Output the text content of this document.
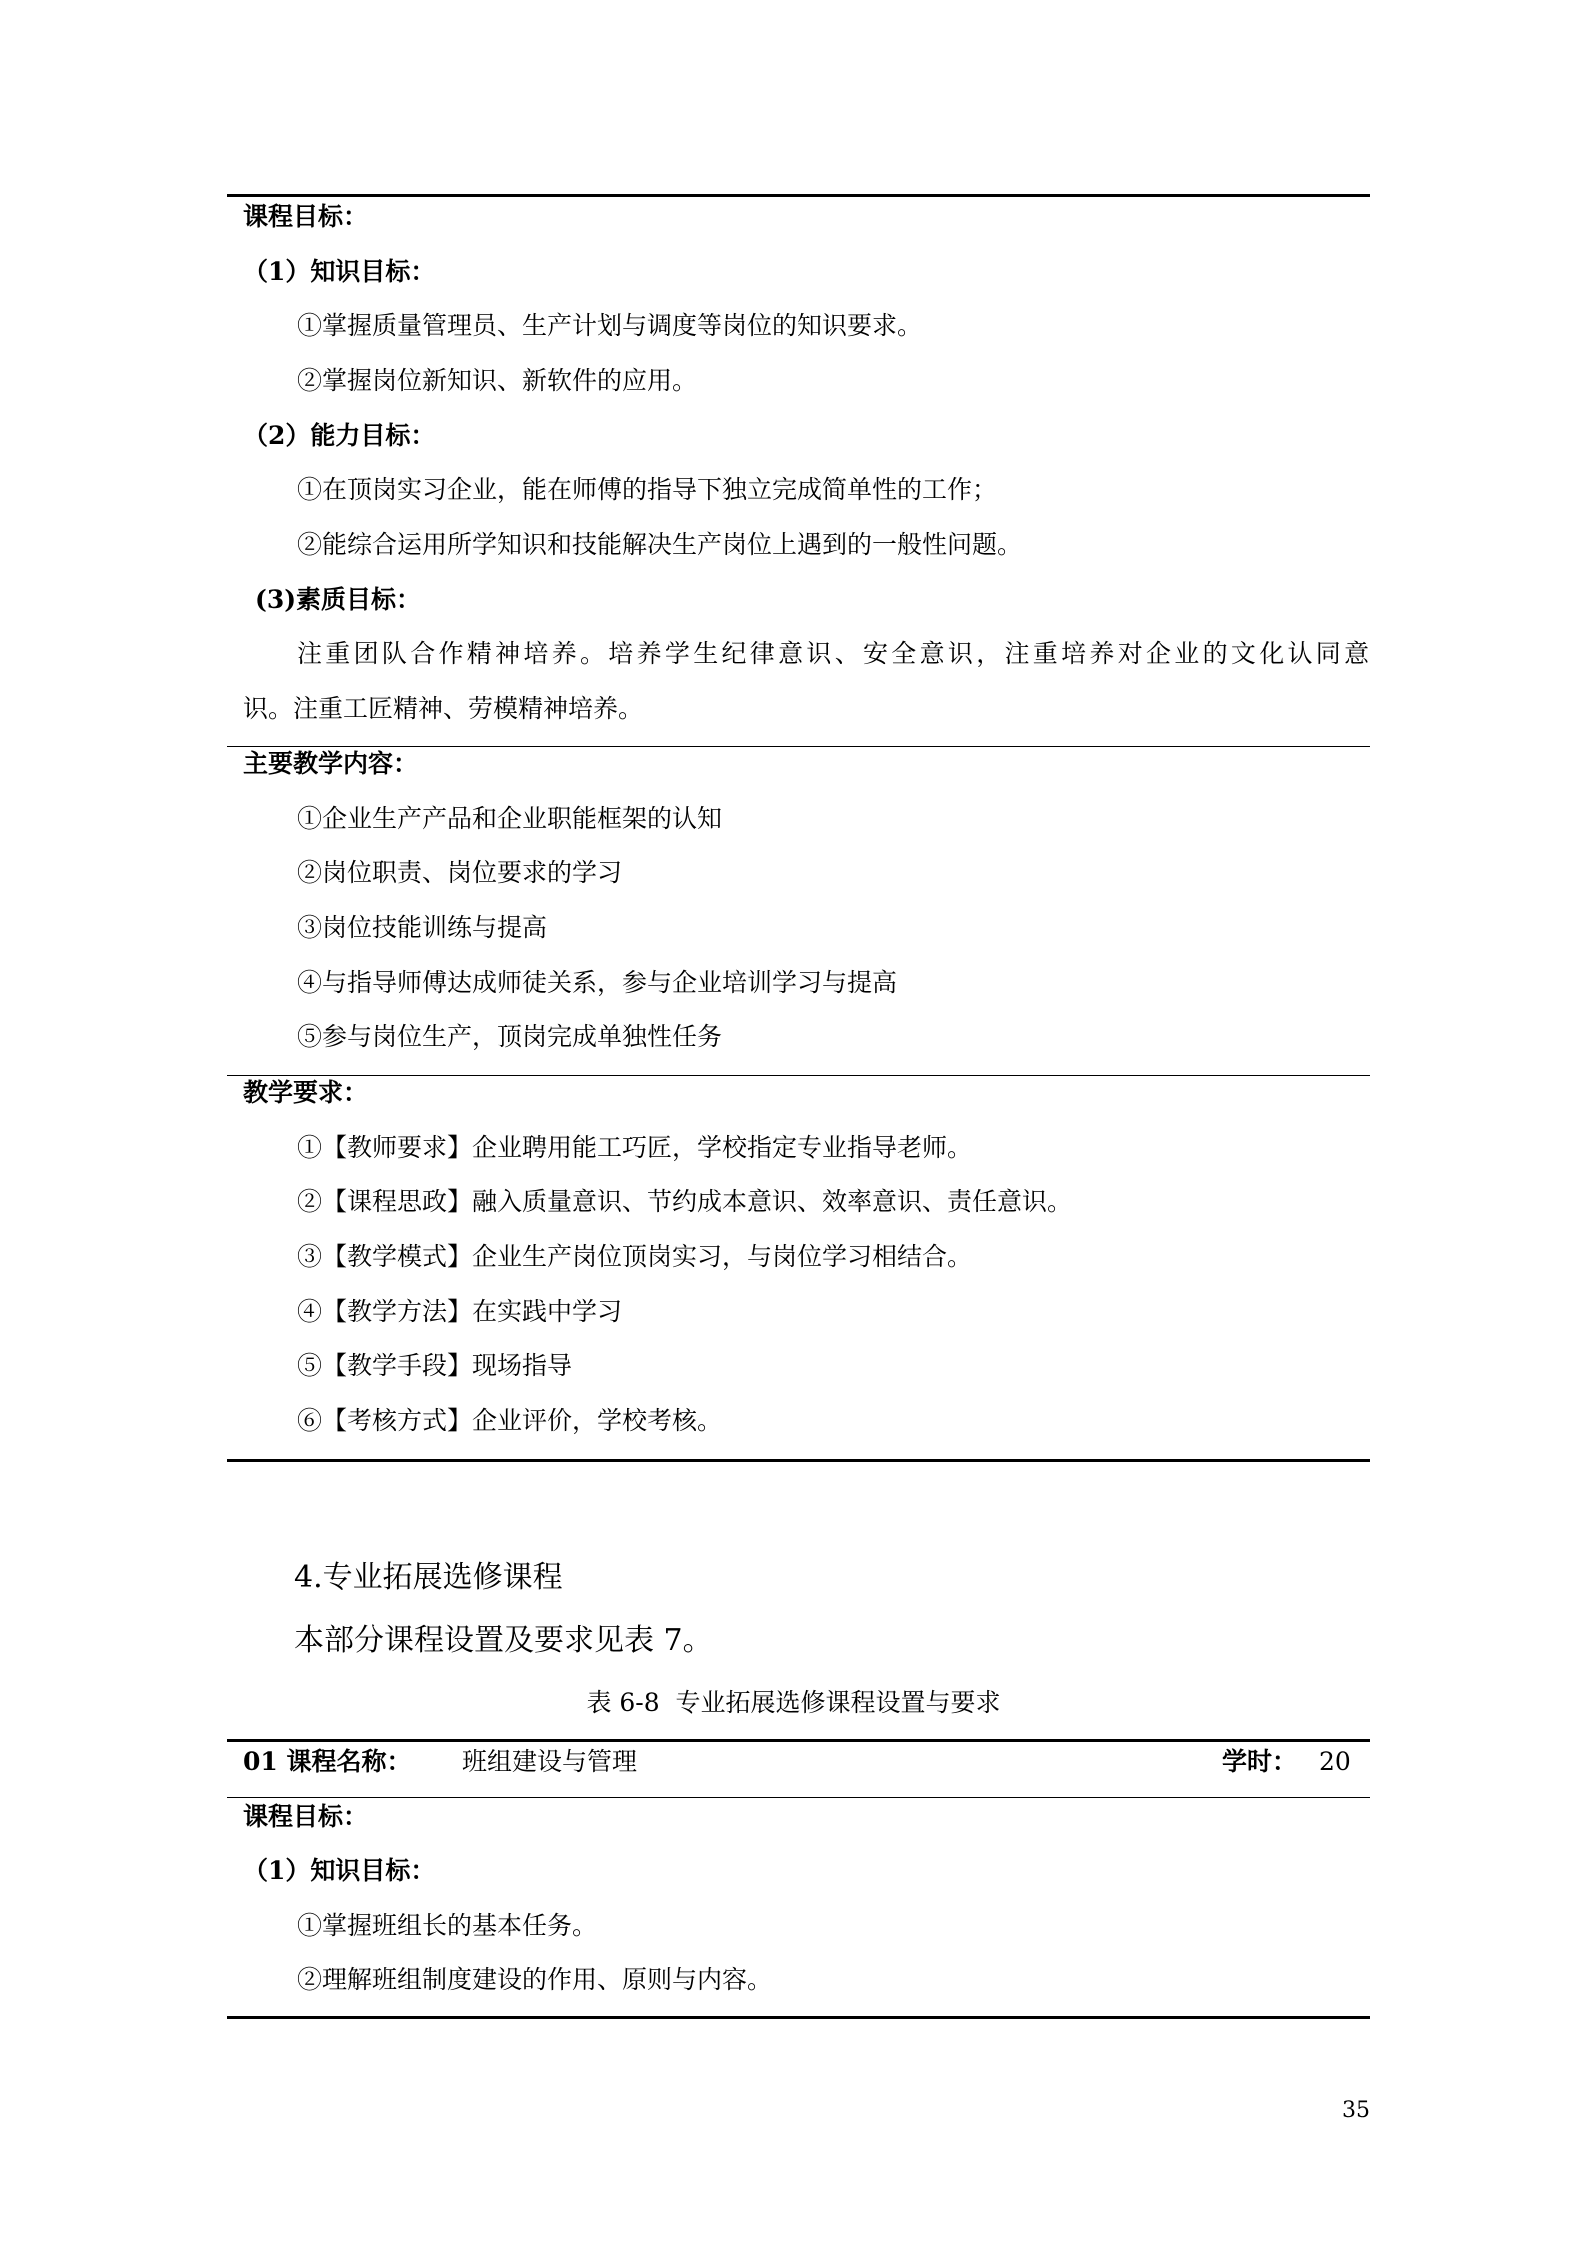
课程目标：
（1）知识目标：
①掌握质量管理员、生产计划与调度等岗位的知识要求。
②掌握岗位新知识、新软件的应用。
（2）能力目标：
①在顶岗实习企业，能在师傅的指导下独立完成简单性的工作；
②能综合运用所学知识和技能解决生产岗位上遇到的一般性问题。
(3)素质目标：
注重团队合作精神培养。培养学生纪律意识、安全意识，注重培养对企业的文化认同意
识。注重工匠精神、劳模精神培养。
主要教学内容：
①企业生产产品和企业职能框架的认知
②岗位职责、岗位要求的学习
③岗位技能训练与提高
④与指导师傅达成师徒关系，参与企业培训学习与提高
⑤参与岗位生产，顶岗完成单独性任务
教学要求：
①【教师要求】企业聘用能工巧匠，学校指定专业指导老师。
②【课程思政】融入质量意识、节约成本意识、效率意识、责任意识。
③【教学模式】企业生产岗位顶岗实习，与岗位学习相结合。
④【教学方法】在实践中学习
⑤【教学手段】现场指导
⑥【考核方式】企业评价，学校考核。
4.专业拓展选修课程
本部分课程设置及要求见表 7。
表 6-8  专业拓展选修课程设置与要求
01 课程名称： 班组建设与管理	学时： 20
课程目标：
（1）知识目标：
①掌握班组长的基本任务。
②理解班组制度建设的作用、原则与内容。
35
